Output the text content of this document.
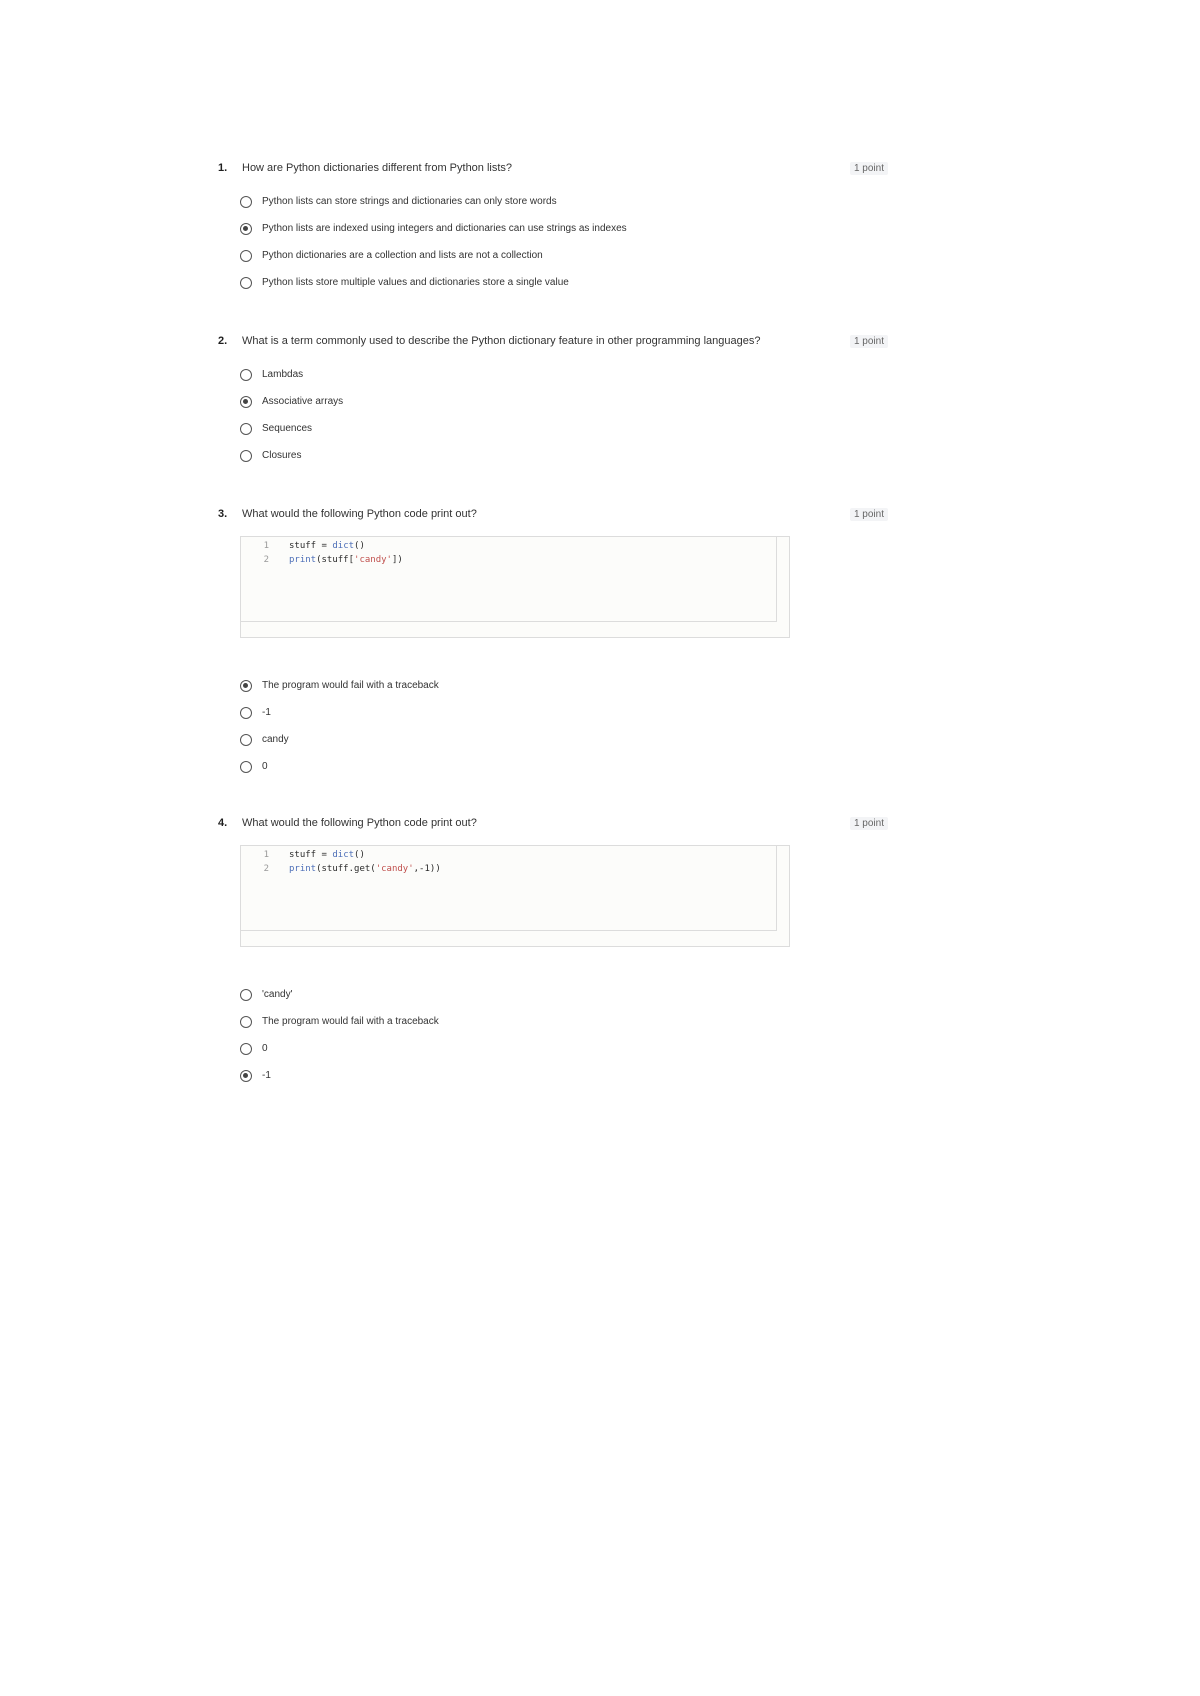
1. How are Python dictionaries different from Python lists?	1 point
Python lists can store strings and dictionaries can only store words
Python lists are indexed using integers and dictionaries can use strings as indexes
Python dictionaries are a collection and lists are not a collection
Python lists store multiple values and dictionaries store a single value
2. What is a term commonly used to describe the Python dictionary feature in other programming languages?	1 point
Lambdas
Associative arrays
Sequences
Closures
3. What would the following Python code print out?	1 point
1 stuff = dict()
2 print(stuff['candy'])
The program would fail with a traceback
-1
candy
0
4. What would the following Python code print out?	1 point
1 stuff = dict()
2 print(stuff.get('candy',-1))
'candy'
The program would fail with a traceback
0
-1
